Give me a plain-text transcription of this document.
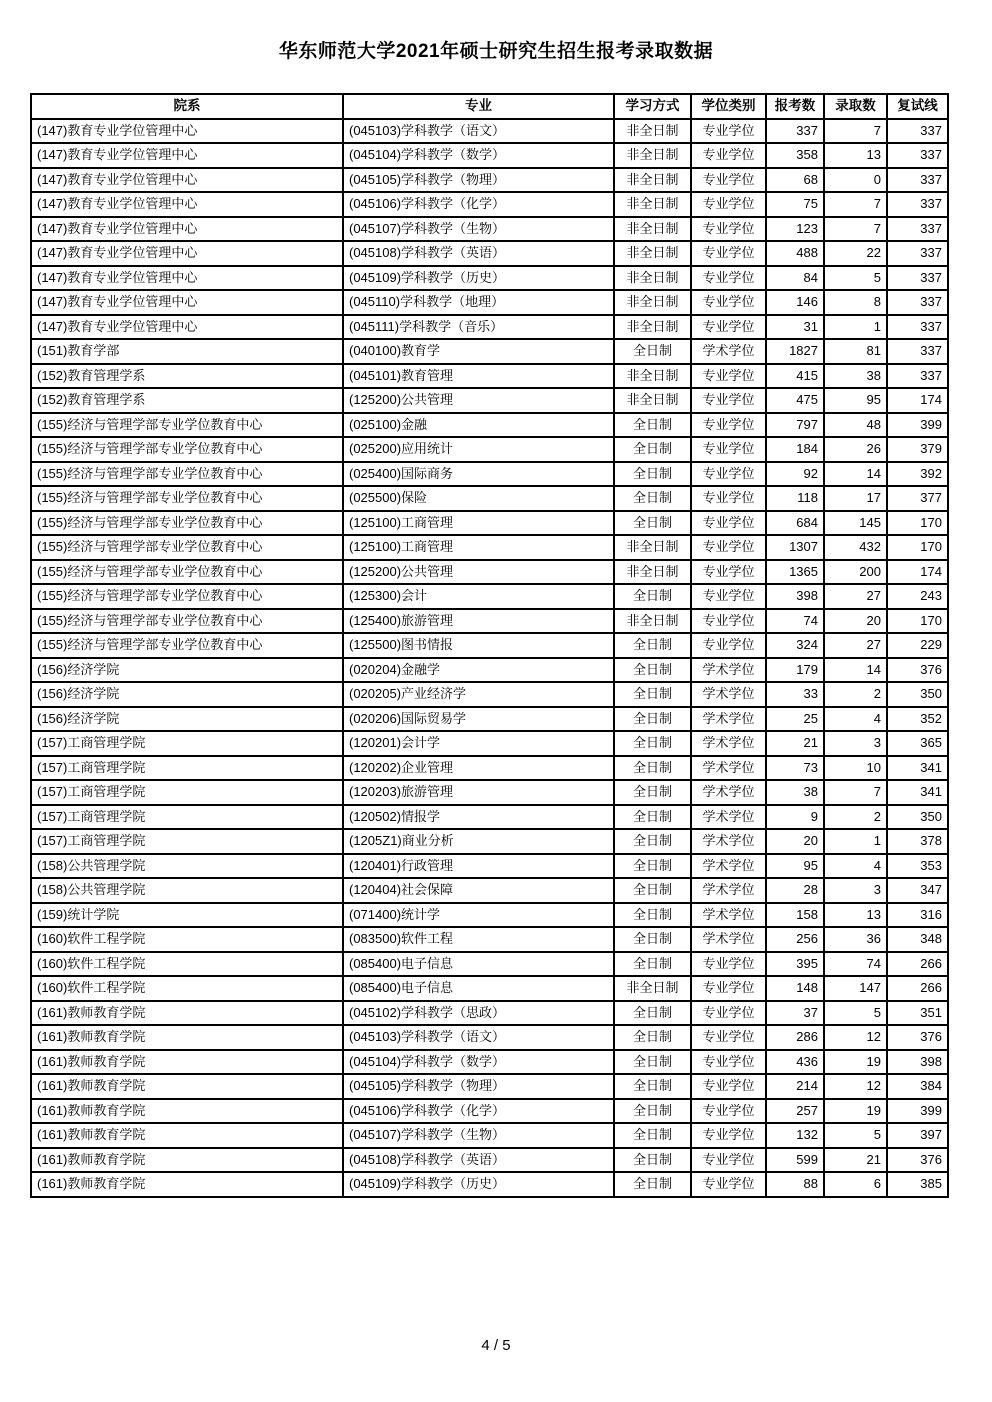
华东师范大学2021年硕士研究生招生报考录取数据
院系	专业	学习方式	学位类别	报考数	录取数	复试线
(147)教育专业学位管理中心	(045103)学科教学（语文）	非全日制	专业学位	337	7	337
(147)教育专业学位管理中心	(045104)学科教学（数学）	非全日制	专业学位	358	13	337
(147)教育专业学位管理中心	(045105)学科教学（物理）	非全日制	专业学位	68	0	337
(147)教育专业学位管理中心	(045106)学科教学（化学）	非全日制	专业学位	75	7	337
(147)教育专业学位管理中心	(045107)学科教学（生物）	非全日制	专业学位	123	7	337
(147)教育专业学位管理中心	(045108)学科教学（英语）	非全日制	专业学位	488	22	337
(147)教育专业学位管理中心	(045109)学科教学（历史）	非全日制	专业学位	84	5	337
(147)教育专业学位管理中心	(045110)学科教学（地理）	非全日制	专业学位	146	8	337
(147)教育专业学位管理中心	(045111)学科教学（音乐）	非全日制	专业学位	31	1	337
(151)教育学部	(040100)教育学	全日制	学术学位	1827	81	337
(152)教育管理学系	(045101)教育管理	非全日制	专业学位	415	38	337
(152)教育管理学系	(125200)公共管理	非全日制	专业学位	475	95	174
(155)经济与管理学部专业学位教育中心	(025100)金融	全日制	专业学位	797	48	399
(155)经济与管理学部专业学位教育中心	(025200)应用统计	全日制	专业学位	184	26	379
(155)经济与管理学部专业学位教育中心	(025400)国际商务	全日制	专业学位	92	14	392
(155)经济与管理学部专业学位教育中心	(025500)保险	全日制	专业学位	118	17	377
(155)经济与管理学部专业学位教育中心	(125100)工商管理	全日制	专业学位	684	145	170
(155)经济与管理学部专业学位教育中心	(125100)工商管理	非全日制	专业学位	1307	432	170
(155)经济与管理学部专业学位教育中心	(125200)公共管理	非全日制	专业学位	1365	200	174
(155)经济与管理学部专业学位教育中心	(125300)会计	全日制	专业学位	398	27	243
(155)经济与管理学部专业学位教育中心	(125400)旅游管理	非全日制	专业学位	74	20	170
(155)经济与管理学部专业学位教育中心	(125500)图书情报	全日制	专业学位	324	27	229
(156)经济学院	(020204)金融学	全日制	学术学位	179	14	376
(156)经济学院	(020205)产业经济学	全日制	学术学位	33	2	350
(156)经济学院	(020206)国际贸易学	全日制	学术学位	25	4	352
(157)工商管理学院	(120201)会计学	全日制	学术学位	21	3	365
(157)工商管理学院	(120202)企业管理	全日制	学术学位	73	10	341
(157)工商管理学院	(120203)旅游管理	全日制	学术学位	38	7	341
(157)工商管理学院	(120502)情报学	全日制	学术学位	9	2	350
(157)工商管理学院	(1205Z1)商业分析	全日制	学术学位	20	1	378
(158)公共管理学院	(120401)行政管理	全日制	学术学位	95	4	353
(158)公共管理学院	(120404)社会保障	全日制	学术学位	28	3	347
(159)统计学院	(071400)统计学	全日制	学术学位	158	13	316
(160)软件工程学院	(083500)软件工程	全日制	学术学位	256	36	348
(160)软件工程学院	(085400)电子信息	全日制	专业学位	395	74	266
(160)软件工程学院	(085400)电子信息	非全日制	专业学位	148	147	266
(161)教师教育学院	(045102)学科教学（思政）	全日制	专业学位	37	5	351
(161)教师教育学院	(045103)学科教学（语文）	全日制	专业学位	286	12	376
(161)教师教育学院	(045104)学科教学（数学）	全日制	专业学位	436	19	398
(161)教师教育学院	(045105)学科教学（物理）	全日制	专业学位	214	12	384
(161)教师教育学院	(045106)学科教学（化学）	全日制	专业学位	257	19	399
(161)教师教育学院	(045107)学科教学（生物）	全日制	专业学位	132	5	397
(161)教师教育学院	(045108)学科教学（英语）	全日制	专业学位	599	21	376
(161)教师教育学院	(045109)学科教学（历史）	全日制	专业学位	88	6	385
4 / 5
